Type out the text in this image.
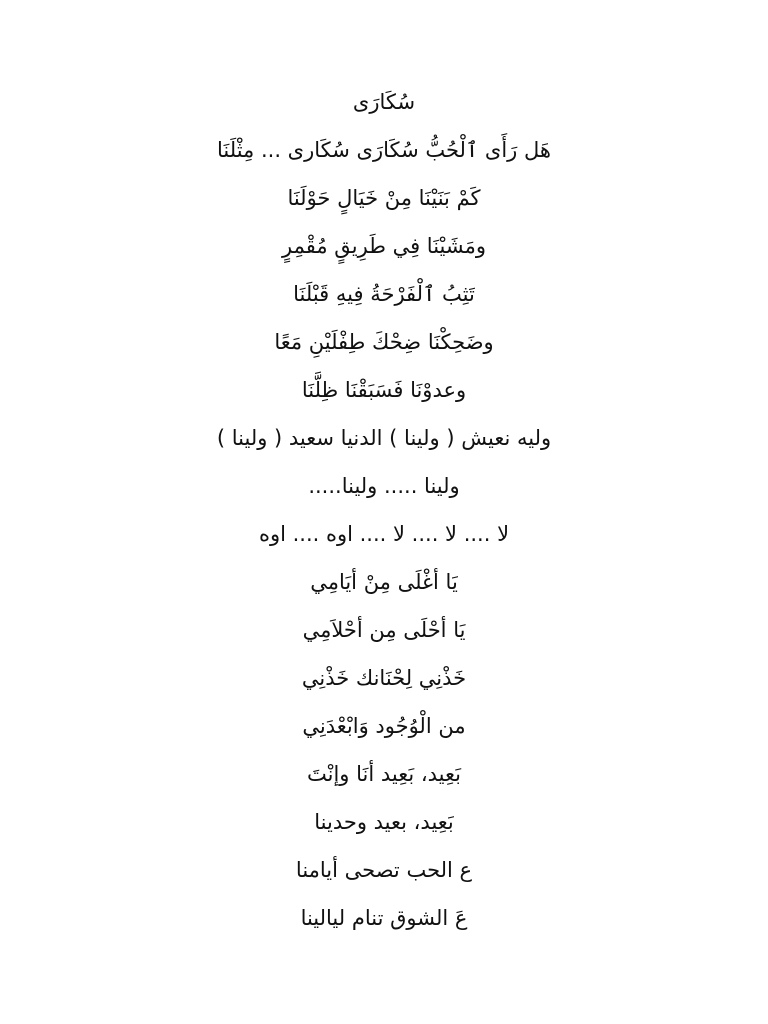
سُكَارَى
هَل رَأَى ٱلْحُبُّ سُكَارَى سُكَارى ... مِثْلَنَا
كَمْ بَنَيْنَا مِنْ خَيَالٍ حَوْلَنَا
ومَشَيْنَا فِي طَرِيقٍ مُقْمِرٍ
تَثِبُ ٱلْفَرْحَةُ فِيهِ قَبْلَنَا
وضَحِكْنَا ضِحْكَ طِفْلَيْنِ مَعًا
وعدوْنَا فَسَبَقْنَا ظِلَّنَا
وليه نعيش ( ولينا ) الدنيا سعيد ( ولينا )
ولينا ..... ولينا.....
لا .... لا .... لا .... اوه .... اوه
يَا أغْلَى مِنْ أيَامِي
يَا أحْلَى مِن أحْلاَمِي
خَذْنِي لِحْنَانك خَذْنِي
من الْوُجُود وَابْعْدَنِي
بَعِيد، بَعِيد أنَا وإنْتَ
بَعِيد، بعيد وحدينا
ع الحب تصحى أيامنا
عَ الشوق تنام ليالينا
